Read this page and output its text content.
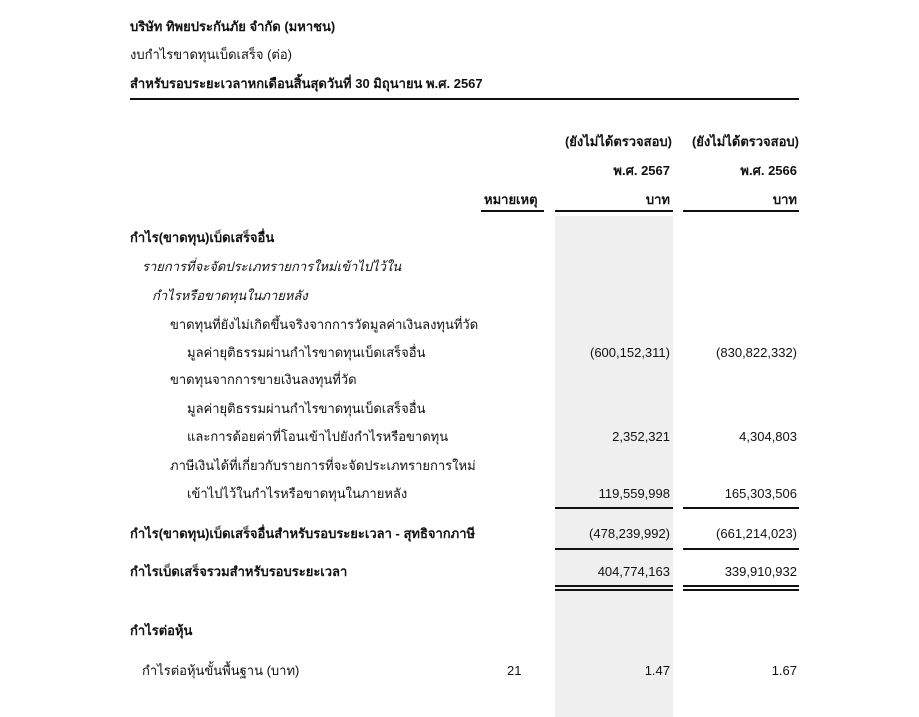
บริษัท ทิพยประกันภัย จำกัด (มหาชน)
งบกำไรขาดทุนเบ็ดเสร็จ (ต่อ)
สำหรับรอบระยะเวลาหกเดือนสิ้นสุดวันที่ 30 มิถุนายน พ.ศ. 2567
(ยังไม่ได้ตรวจสอบ)	(ยังไม่ได้ตรวจสอบ)
พ.ศ. 2567	พ.ศ. 2566
หมายเหตุ	บาท	บาท
กำไร(ขาดทุน)เบ็ดเสร็จอื่น
รายการที่จะจัดประเภทรายการใหม่เข้าไปไว้ใน
กำไรหรือขาดทุนในภายหลัง
ขาดทุนที่ยังไม่เกิดขึ้นจริงจากการวัดมูลค่าเงินลงทุนที่วัด
มูลค่ายุติธรรมผ่านกำไรขาดทุนเบ็ดเสร็จอื่น	(600,152,311)	(830,822,332)
ขาดทุนจากการขายเงินลงทุนที่วัด
มูลค่ายุติธรรมผ่านกำไรขาดทุนเบ็ดเสร็จอื่น
และการด้อยค่าที่โอนเข้าไปยังกำไรหรือขาดทุน	2,352,321	4,304,803
ภาษีเงินได้ที่เกี่ยวกับรายการที่จะจัดประเภทรายการใหม่
เข้าไปไว้ในกำไรหรือขาดทุนในภายหลัง	119,559,998	165,303,506
กำไร(ขาดทุน)เบ็ดเสร็จอื่นสำหรับรอบระยะเวลา - สุทธิจากภาษี	(478,239,992)	(661,214,023)
กำไรเบ็ดเสร็จรวมสำหรับรอบระยะเวลา	404,774,163	339,910,932
กำไรต่อหุ้น
กำไรต่อหุ้นขั้นพื้นฐาน (บาท)	21	1.47	1.67
